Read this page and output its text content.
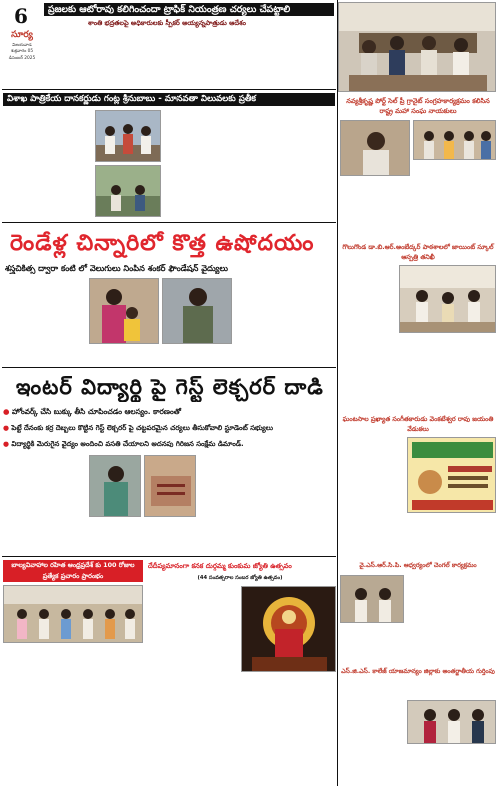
6
సూర్య
విజయవాడ
శుక్రవారం 05
డిసెంబర్ 2025
ప్రజలకు ఆటోరావు కలిగించందా ట్రాఫిక్ నియంత్రణ చర్యలు చేపట్టాలి
శాంతి భద్రతలపై అధికారులకు స్పీకర్ అయ్యన్నపాత్రుడు ఆదేశం
విశాఖ పాత్రికేయ దానకర్ణుడు గంట్ల శ్రీనుబాబు - మానవతా విలువలకు ప్రతీక	నవ్యశ్రీకృష్ణ పోర్ట్ సెల్ ప్రీ గ్రానైట్ సంగ్రహకార్యక్రమం కలిసిన రాష్ట్ర మహా సంఘ నాయకులు
గొలుగొండ డా.బి.ఆర్.అంబేద్కర్ పాఠశాలలో జాయింట్ స్కూల్ ఆస్పత్రి తనిఖీ
రెండేళ్ల చిన్నారిలో కొత్త ఉషోదయం
శస్త్రచికిత్స ద్వారా కంటి లో వెలుగులు నింపిన శంకర్ ఫౌండేషన్ వైద్యులు
ఘంటసాల ప్రఖ్యాత సంగీతకారుడు వెంకటేశ్వర రావు జయంతి వేడుకలు
వై.ఎస్.ఆర్.సి.పి. ఆధ్వర్యంలో చెంగల్ కార్యక్రమం
ఇంటర్ విద్యార్థి పై గెస్ట్ లెక్చరర్ దాడి
● హోంవర్క్ చేసి బుక్కు తీసి చూపించడం ఆలస్యం. కారణంతో
● పెట్టే దేనంకు కర్ర దెబ్బలు కొట్టిన గెస్ట్ లెక్చరర్ పై చట్టపరమైన చర్యలు తీసుకోవాలి స్టూడెంట్ సభ్యులు
● విద్యార్థికి మెరుగైన వైద్యం అందించి వసతి చేయాలని అదనపు గిరిజన సంక్షేమ డిమాండ్.
బాల్యవివాహాల రహిత ఆంధ్రప్రదేశ్ కు 100 రోజుల ప్రత్యేక ప్రచారం ప్రారంభం
దేదీప్యమానంగా కనక దుర్గమ్మ కుంకుమ జ్యోతి ఉత్సవం
(44 సంవత్సరాల సంబర జ్యోతి ఉత్సవం)
ఎస్.జి.ఎస్. కాలేజ్ యాజమాన్యం జిల్లాకు అంతర్జాతీయ గుర్తింపు
